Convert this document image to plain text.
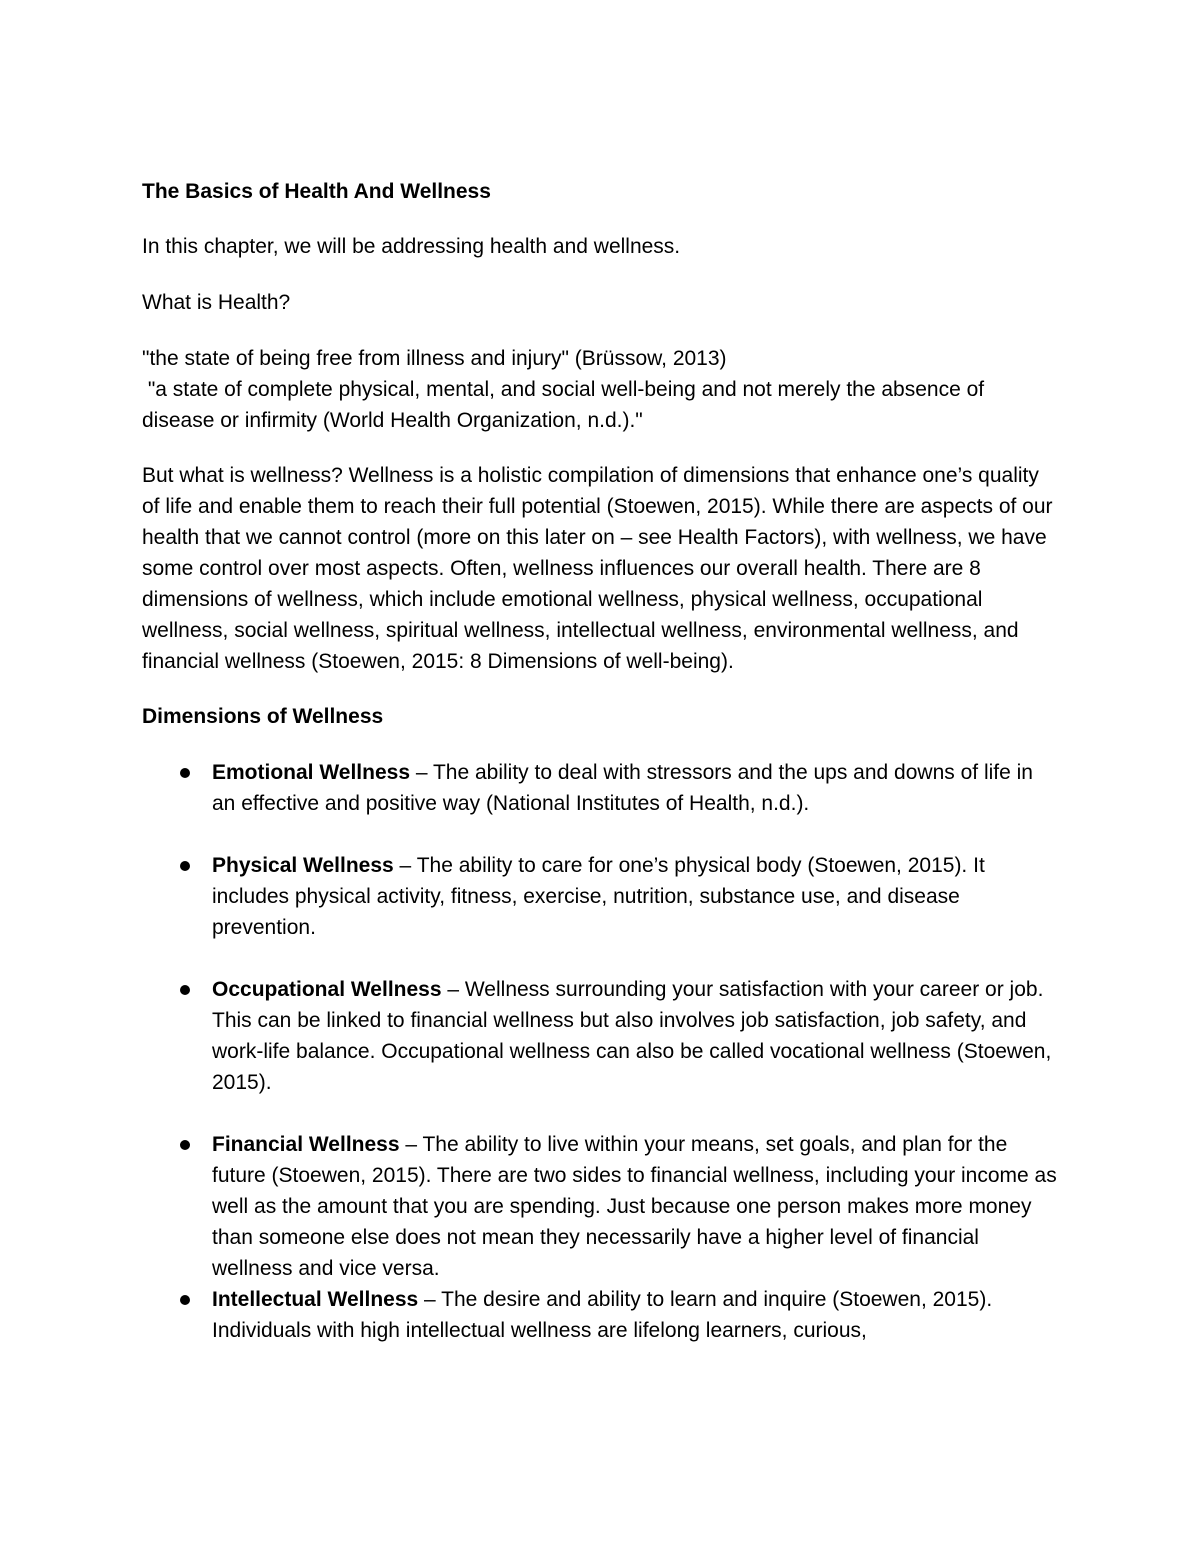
The Basics of Health And Wellness

In this chapter, we will be addressing health and wellness.

What is Health?

"the state of being free from illness and injury" (Brüssow, 2013)

"a state of complete physical, mental, and social well-being and not merely the absence of disease or infirmity (World Health Organization, n.d.)."

But what is wellness? Wellness is a holistic compilation of dimensions that enhance one’s quality of life and enable them to reach their full potential (Stoewen, 2015). While there are aspects of our health that we cannot control (more on this later on – see Health Factors), with wellness, we have some control over most aspects. Often, wellness influences our overall health. There are 8 dimensions of wellness, which include emotional wellness, physical wellness, occupational wellness, social wellness, spiritual wellness, intellectual wellness, environmental wellness, and financial wellness (Stoewen, 2015: 8 Dimensions of well-being).

Dimensions of Wellness
Emotional Wellness – The ability to deal with stressors and the ups and downs of life in an effective and positive way (National Institutes of Health, n.d.).
Physical Wellness – The ability to care for one’s physical body (Stoewen, 2015). It includes physical activity, fitness, exercise, nutrition, substance use, and disease prevention.
Occupational Wellness – Wellness surrounding your satisfaction with your career or job. This can be linked to financial wellness but also involves job satisfaction, job safety, and work-life balance. Occupational wellness can also be called vocational wellness (Stoewen, 2015).
Financial Wellness – The ability to live within your means, set goals, and plan for the future (Stoewen, 2015). There are two sides to financial wellness, including your income as well as the amount that you are spending. Just because one person makes more money than someone else does not mean they necessarily have a higher level of financial wellness and vice versa.
Intellectual Wellness – The desire and ability to learn and inquire (Stoewen, 2015). Individuals with high intellectual wellness are lifelong learners, curious,
